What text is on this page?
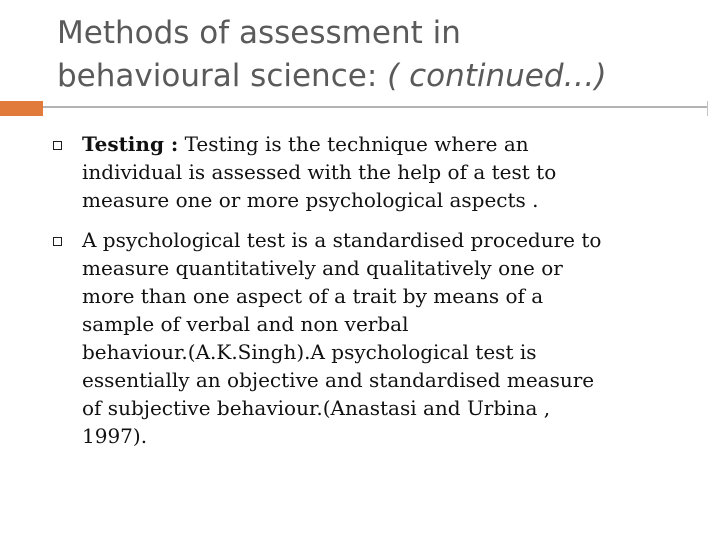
Methods of assessment in
behavioural science: ( continued…)

Testing : Testing is the technique where an
individual is assessed with the help of a test to
measure one or more psychological aspects .

A psychological test is a standardised procedure to
measure quantitatively and qualitatively one or
more than one aspect of a trait by means of a
sample of verbal and non verbal
behaviour.(A.K.Singh).A psychological test is
essentially an objective and standardised measure
of subjective behaviour.(Anastasi and Urbina ,
1997).
